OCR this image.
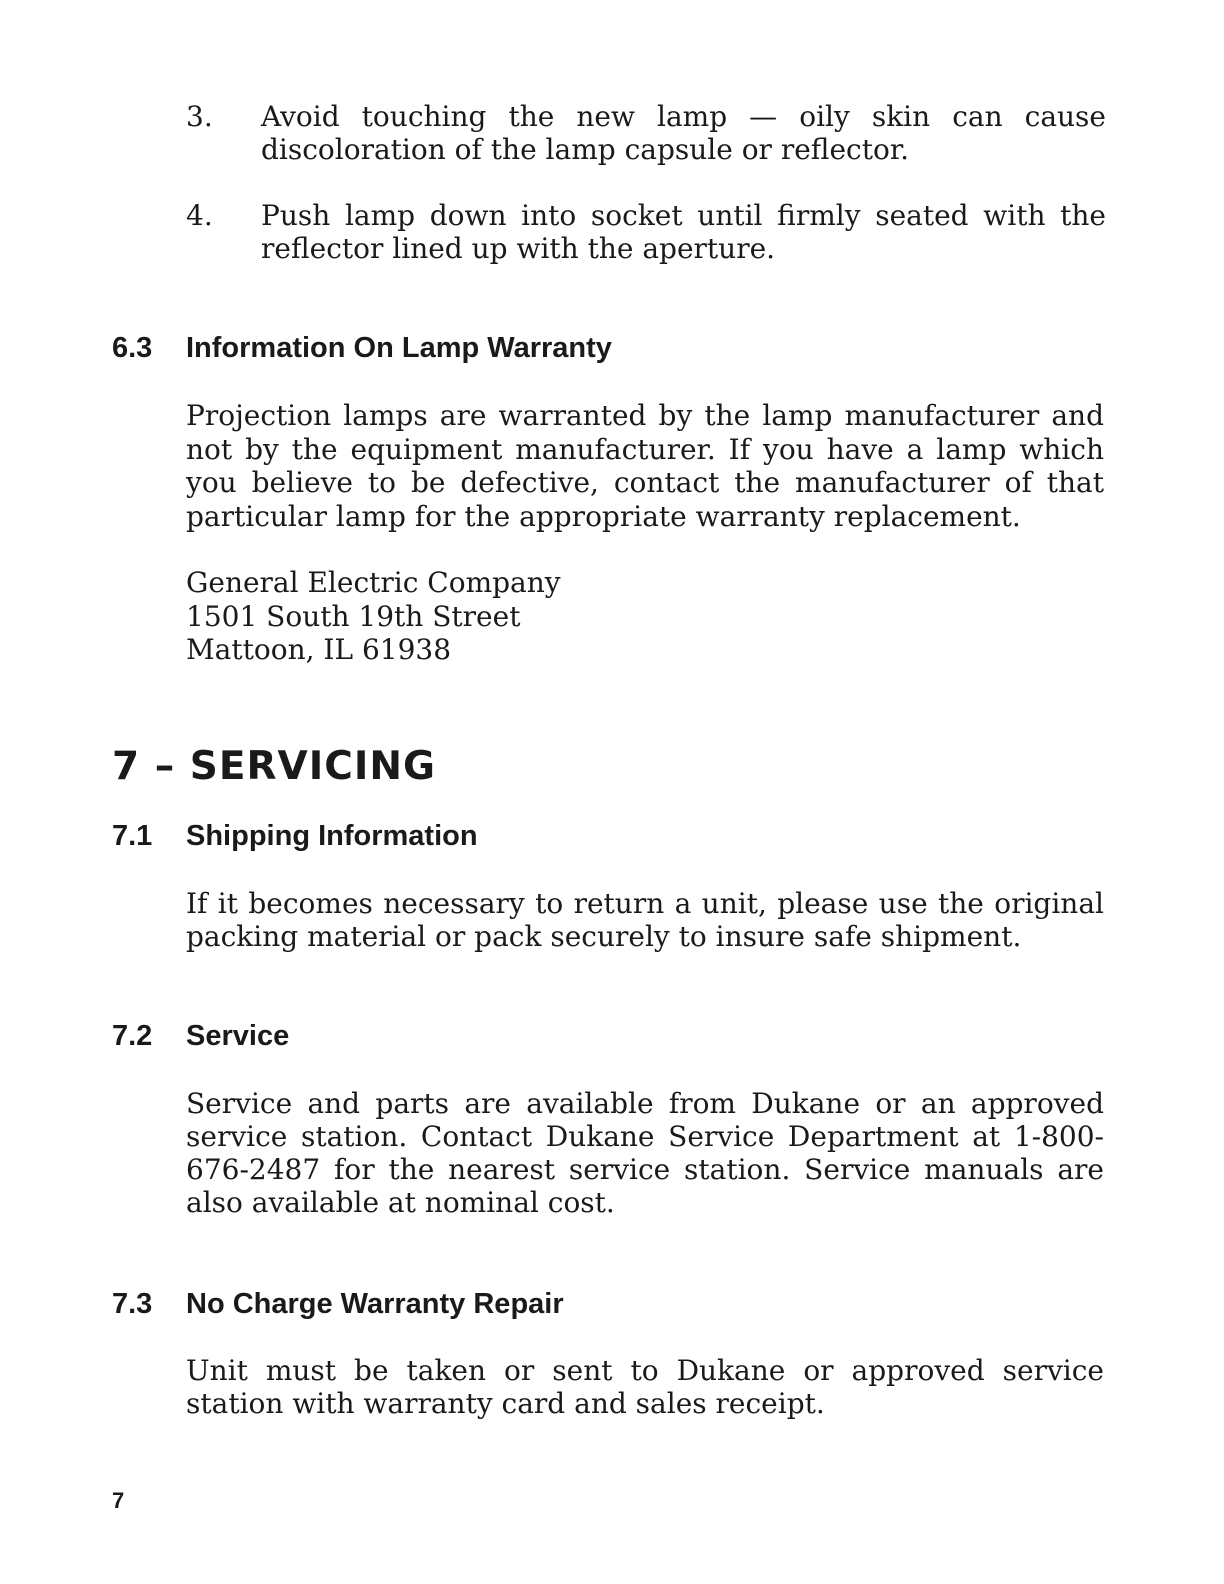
3. Avoid touching the new lamp — oily skin can cause discoloration of the lamp capsule or reflector.
4. Push lamp down into socket until firmly seated with the reflector lined up with the aperture.
6.3 Information On Lamp Warranty

Projection lamps are warranted by the lamp manufacturer and not by the equipment manufacturer. If you have a lamp which you believe to be defective, contact the manufacturer of that particular lamp for the appropriate warranty replacement.

General Electric Company
1501 South 19th Street
Mattoon, IL 61938
7 – SERVICING
7.1 Shipping Information

If it becomes necessary to return a unit, please use the original packing material or pack securely to insure safe shipment.

7.2 Service

Service and parts are available from Dukane or an approved service station. Contact Dukane Service Department at 1-800-676-2487 for the nearest service station. Service manuals are also available at nominal cost.

7.3 No Charge Warranty Repair

Unit must be taken or sent to Dukane or approved service station with warranty card and sales receipt.

7
